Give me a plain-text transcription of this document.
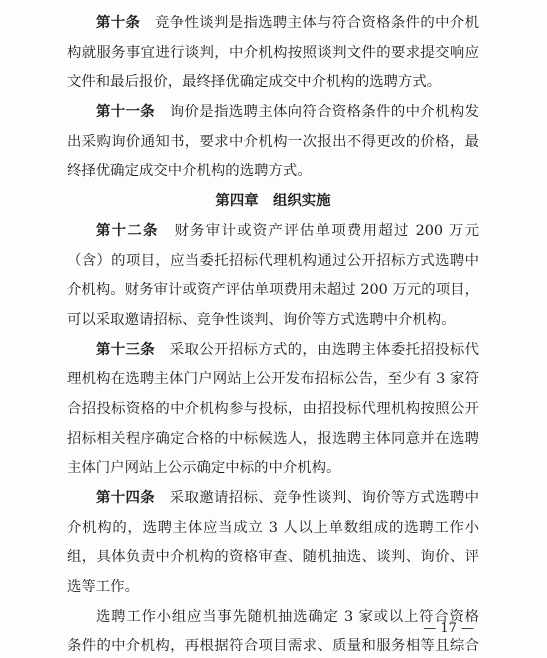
第十条　 竞争性谈判是指选聘主体与符合资格条件的中介机
构就服务事宜进行谈判，中介机构按照谈判文件的要求提交响应
文件和最后报价，最终择优确定成交中介机构的选聘方式。
第十一条　 询价是指选聘主体向符合资格条件的中介机构发
出采购询价通知书，要求中介机构一次报出不得更改的价格，最
终择优确定成交中介机构的选聘方式。
第四章　组织实施
第十二条　 财务审计或资产评估单项费用超过 200 万元
（含）的项目，应当委托招标代理机构通过公开招标方式选聘中
介机构。财务审计或资产评估单项费用未超过 200 万元的项目，
可以采取邀请招标、竞争性谈判、询价等方式选聘中介机构。
第十三条　 采取公开招标方式的，由选聘主体委托招投标代
理机构在选聘主体门户网站上公开发布招标公告，至少有 3 家符
合招投标资格的中介机构参与投标，由招投标代理机构按照公开
招标相关程序确定合格的中标候选人，报选聘主体同意并在选聘
主体门户网站上公示确定中标的中介机构。
第十四条　 采取邀请招标、竞争性谈判、询价等方式选聘中
介机构的，选聘主体应当成立 3 人以上单数组成的选聘工作小
组，具体负责中介机构的资格审查、随机抽选、谈判、询价、评
选等工作。
选聘工作小组应当事先随机抽选确定 3 家或以上符合资格
条件的中介机构，再根据符合项目需求、质量和服务相等且综合
— 17 —
